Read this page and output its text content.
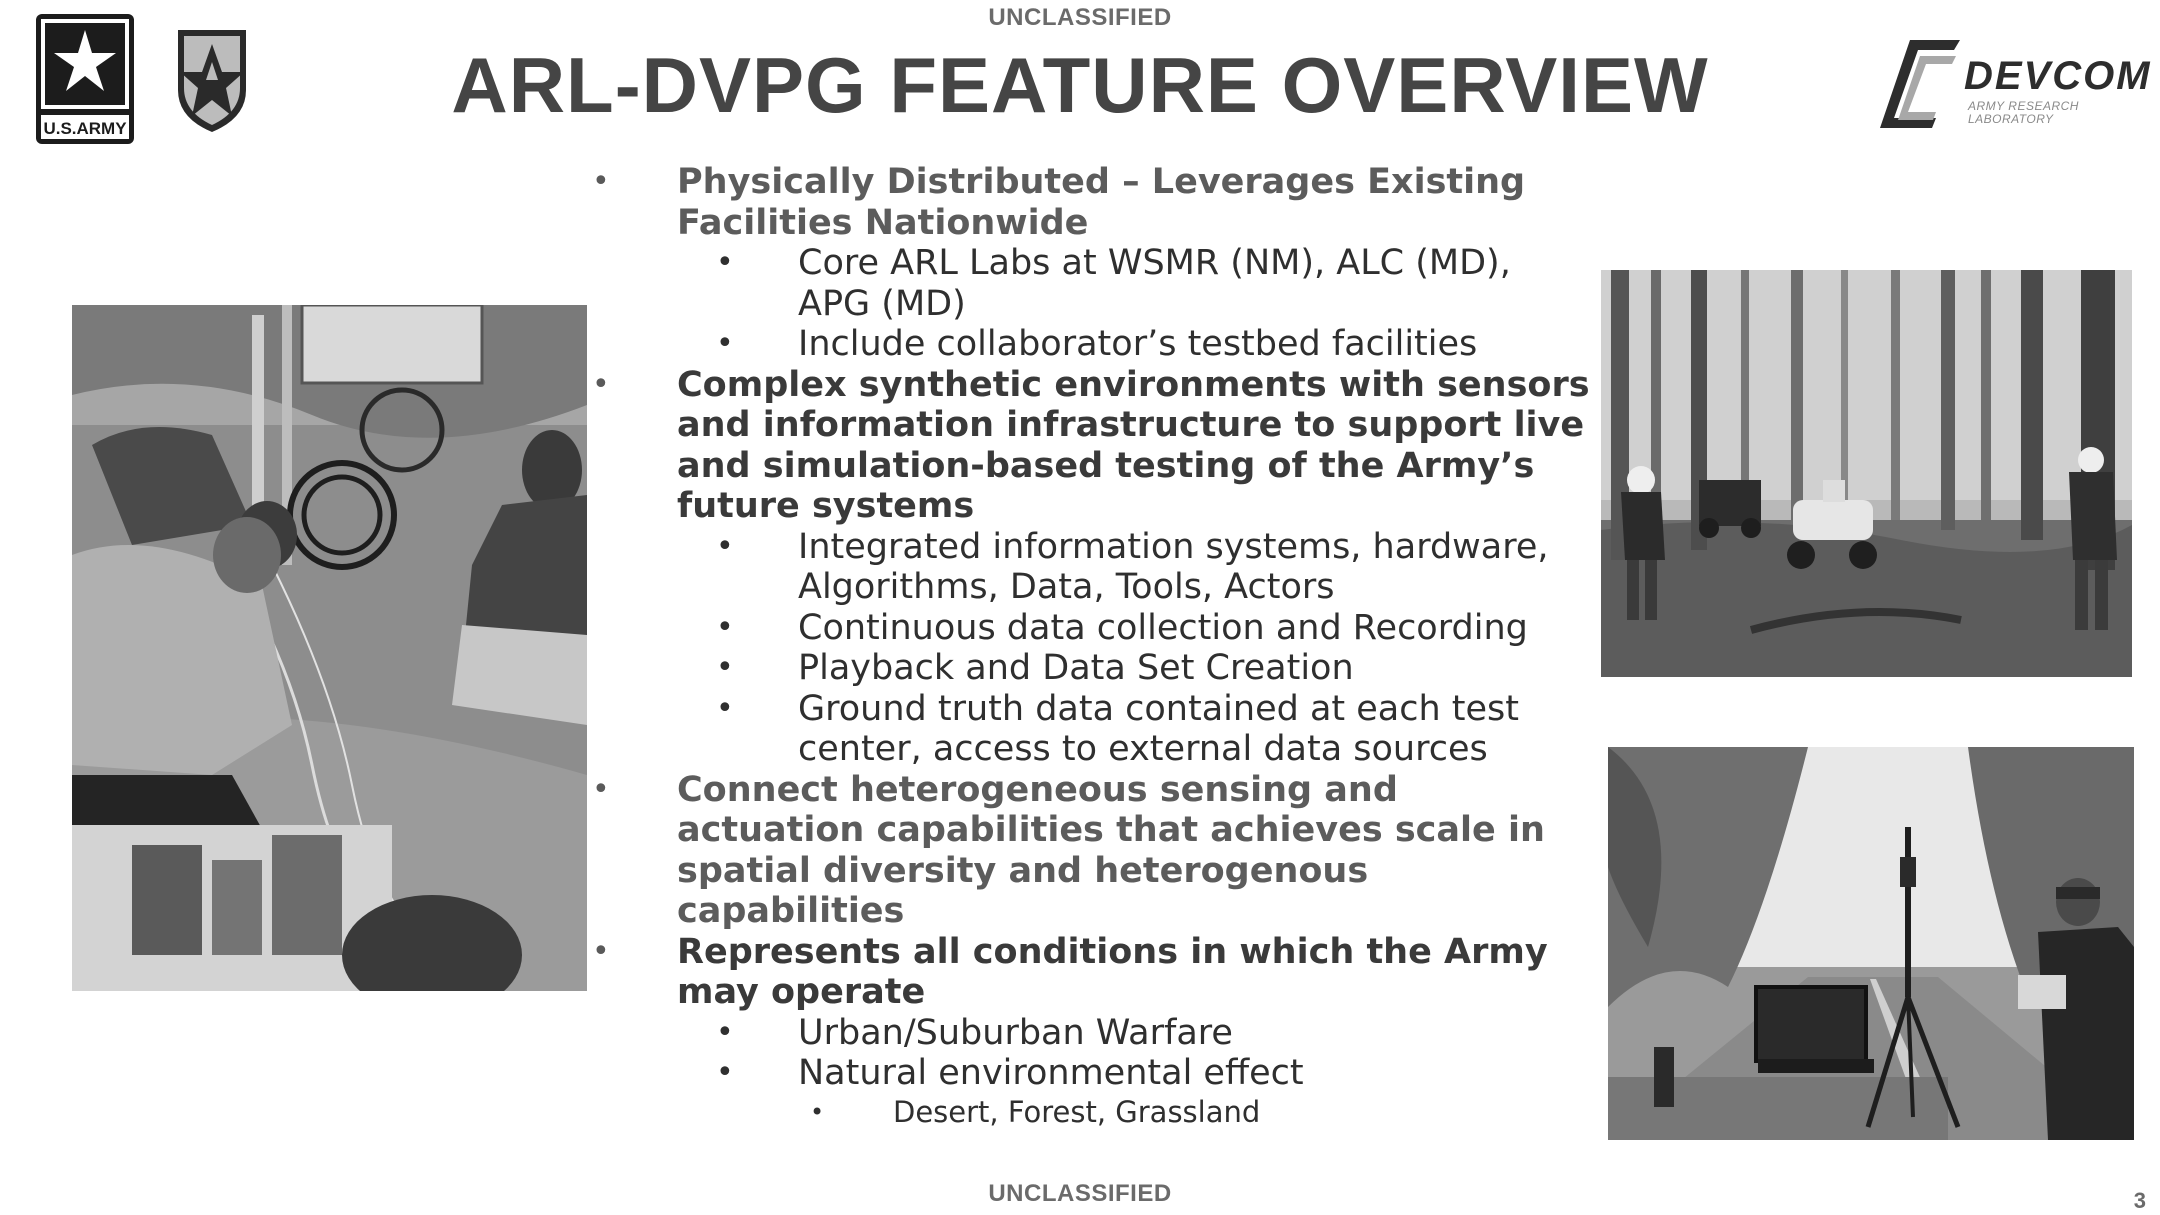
UNCLASSIFIED
U.S.ARMY
DEVCOM
ARMY RESEARCH
LABORATORY
ARL-DVPG FEATURE OVERVIEW
• Physically Distributed – Leverages Existing Facilities Nationwide
• Core ARL Labs at WSMR (NM), ALC (MD), APG (MD)
• Include collaborator’s testbed facilities
• Complex synthetic environments with sensors and information infrastructure to support live and simulation-based testing of the Army’s future systems
• Integrated information systems, hardware, Algorithms, Data, Tools, Actors
• Continuous data collection and Recording
• Playback and Data Set Creation
• Ground truth data contained at each test center, access to external data sources
• Connect heterogeneous sensing and actuation capabilities that achieves scale in spatial diversity and heterogenous capabilities
• Represents all conditions in which the Army may operate
• Urban/Suburban Warfare
• Natural environmental effect
• Desert, Forest, Grassland
UNCLASSIFIED	3
